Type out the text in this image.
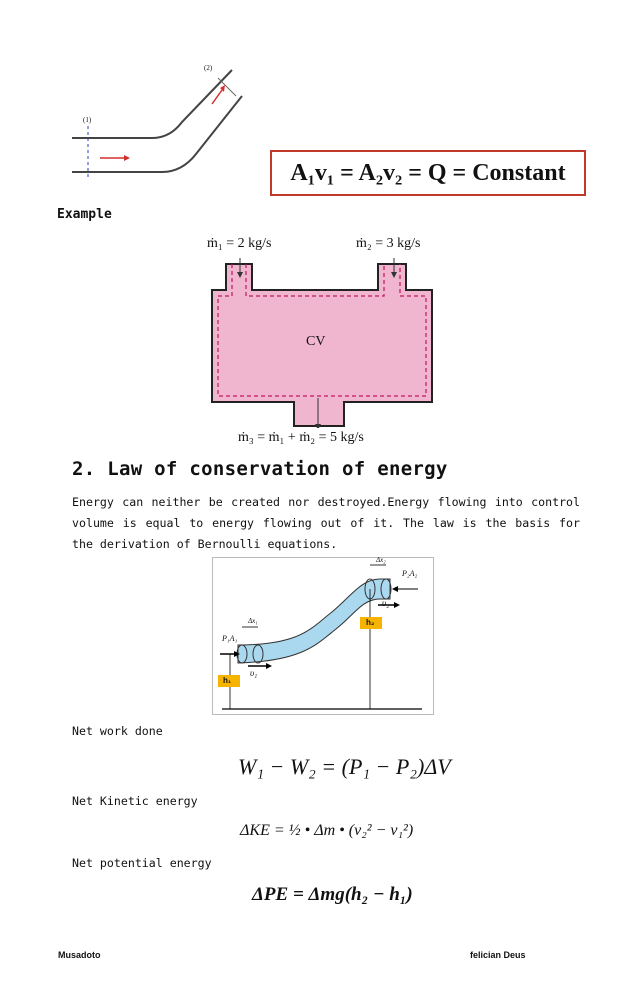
(1)
(2)
A₁v₁ = A₂v₂ = Q = Constant
Example
ṁ₁ = 2 kg/s	ṁ₂ = 3 kg/s
CV
ṁ₃ = ṁ₁ + ṁ₂ = 5 kg/s
2. Law of conservation of energy
Energy can neither be created nor destroyed.Energy flowing into control volume is equal to energy flowing out of it. The law is the basis for the derivation of Bernoulli equations.
P₁A₁
P₂A₂
Δx₁
Δx₂
υ₁
υ₂
h₁
h₂
Net work done
W₁ − W₂ = (P₁ − P₂)ΔV
Net Kinetic energy
ΔKE = ½ • Δm • (v₂² − v₁²)
Net potential energy
ΔPE = Δmg(h₂ − h₁)
Musadoto	felician Deus
